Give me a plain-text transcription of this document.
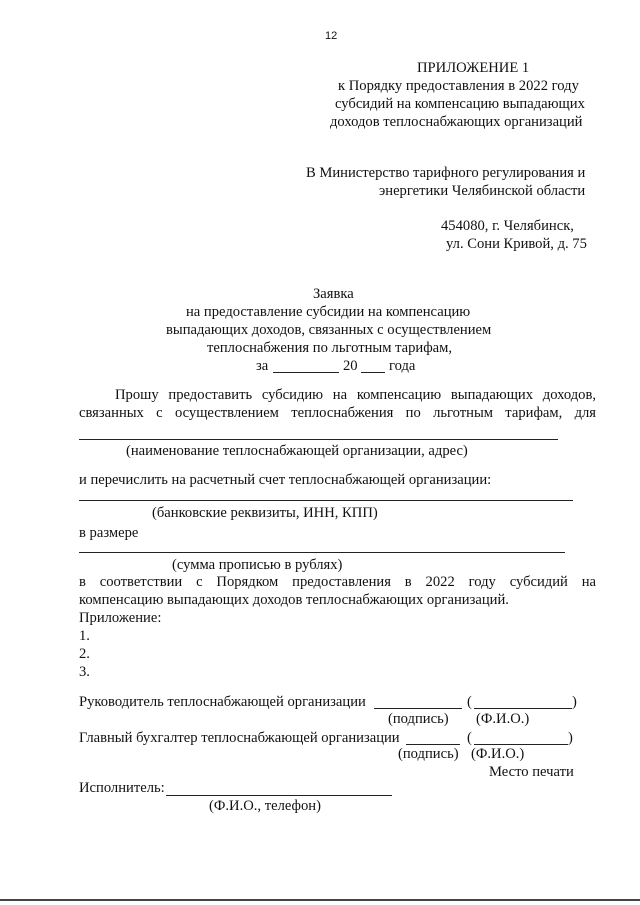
12
ПРИЛОЖЕНИЕ 1
к Порядку предоставления в 2022 году
субсидий на компенсацию выпадающих
доходов теплоснабжающих организаций
В Министерство тарифного регулирования и
энергетики Челябинской области
454080, г. Челябинск,
ул. Сони Кривой, д. 75
Заявка
на предоставление субсидии на компенсацию
выпадающих доходов, связанных с осуществлением
теплоснабжения по льготным тарифам,
за	20 года
Прошу предоставить субсидию на компенсацию выпадающих доходов,
связанных с осуществлением теплоснабжения по льготным тарифам, для
(наименование теплоснабжающей организации, адрес)
и перечислить на расчетный счет теплоснабжающей организации:
(банковские реквизиты, ИНН, КПП)
в размере
(сумма прописью в рублях)
в соответствии с Порядком предоставления в 2022 году субсидий на
компенсацию выпадающих доходов теплоснабжающих организаций.
Приложение:
1.
2.
3.
Руководитель теплоснабжающей организации	(	)
(подпись) (Ф.И.О.)
Главный бухгалтер теплоснабжающей организации	(	)
(подпись) (Ф.И.О.)
Место печати
Исполнитель:
(Ф.И.О., телефон)
